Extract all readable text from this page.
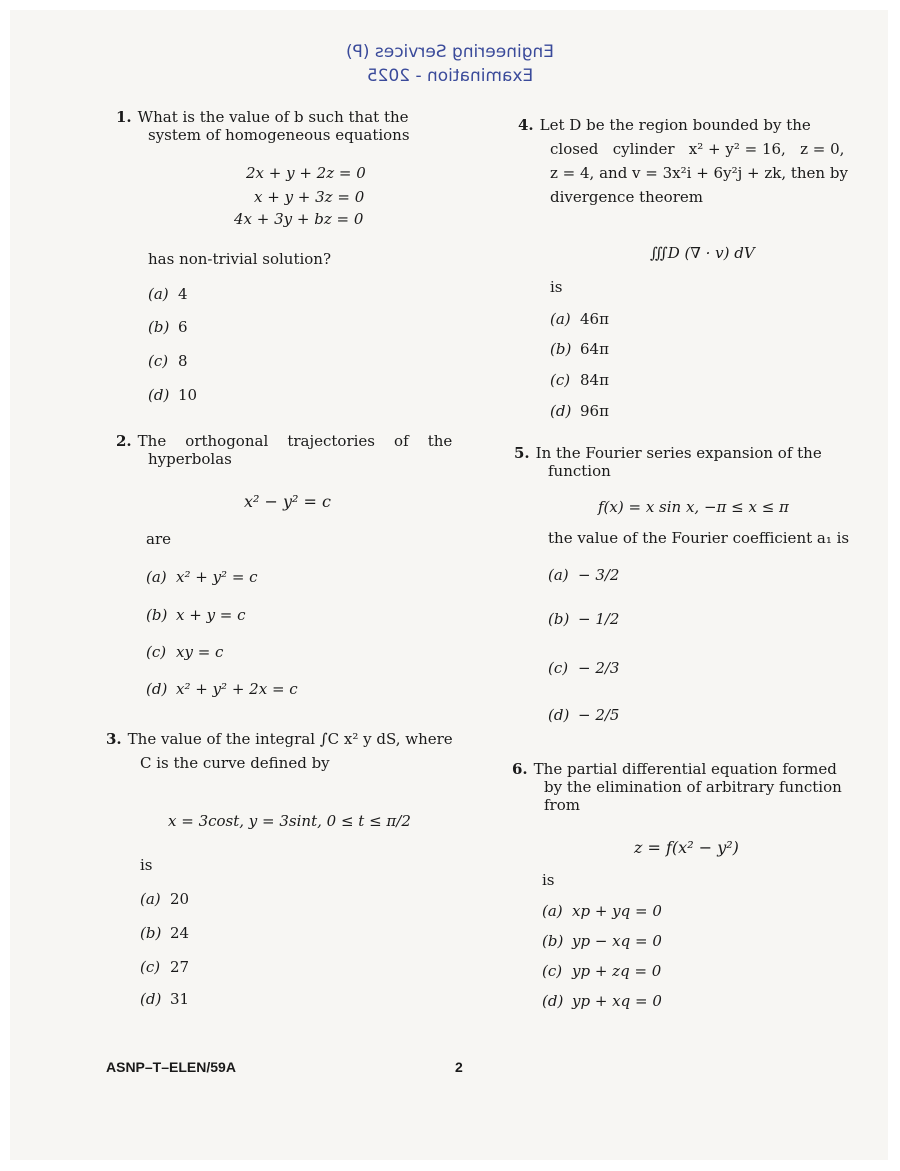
Engineering Services (P)
Examination - 2025
1. What is the value of b such that the
system of homogeneous equations
2x + y + 2z = 0
x + y + 3z = 0
4x + 3y + bz = 0
has non-trivial solution?
(a) 4
(b) 6
(c) 8
(d) 10
2. The    orthogonal    trajectories    of    the
hyperbolas
x² − y² = c
are
(a) x² + y² = c
(b) x + y = c
(c) xy = c
(d) x² + y² + 2x = c
3. The value of the integral ∫C x² y dS, where
C is the curve defined by
x = 3cost, y = 3sint, 0 ≤ t ≤ π/2
is
(a) 20
(b) 24
(c) 27
(d) 31
4. Let D be the region bounded by the
closed   cylinder   x² + y² = 16,   z = 0,
z = 4, and v = 3x²i + 6y²j + zk, then by
divergence theorem
∭D (∇ · v) dV
is
(a) 46π
(b) 64π
(c) 84π
(d) 96π
5. In the Fourier series expansion of the
function
f(x) = x sin x, −π ≤ x ≤ π
the value of the Fourier coefficient a₁ is
(a) − 3/2
(b) − 1/2
(c) − 2/3
(d) − 2/5
6. The partial differential equation formed
by the elimination of arbitrary function
from
z = f(x² − y²)
is
(a) xp + yq = 0
(b) yp − xq = 0
(c) yp + zq = 0
(d) yp + xq = 0
ASNP–T–ELEN/59A	2
